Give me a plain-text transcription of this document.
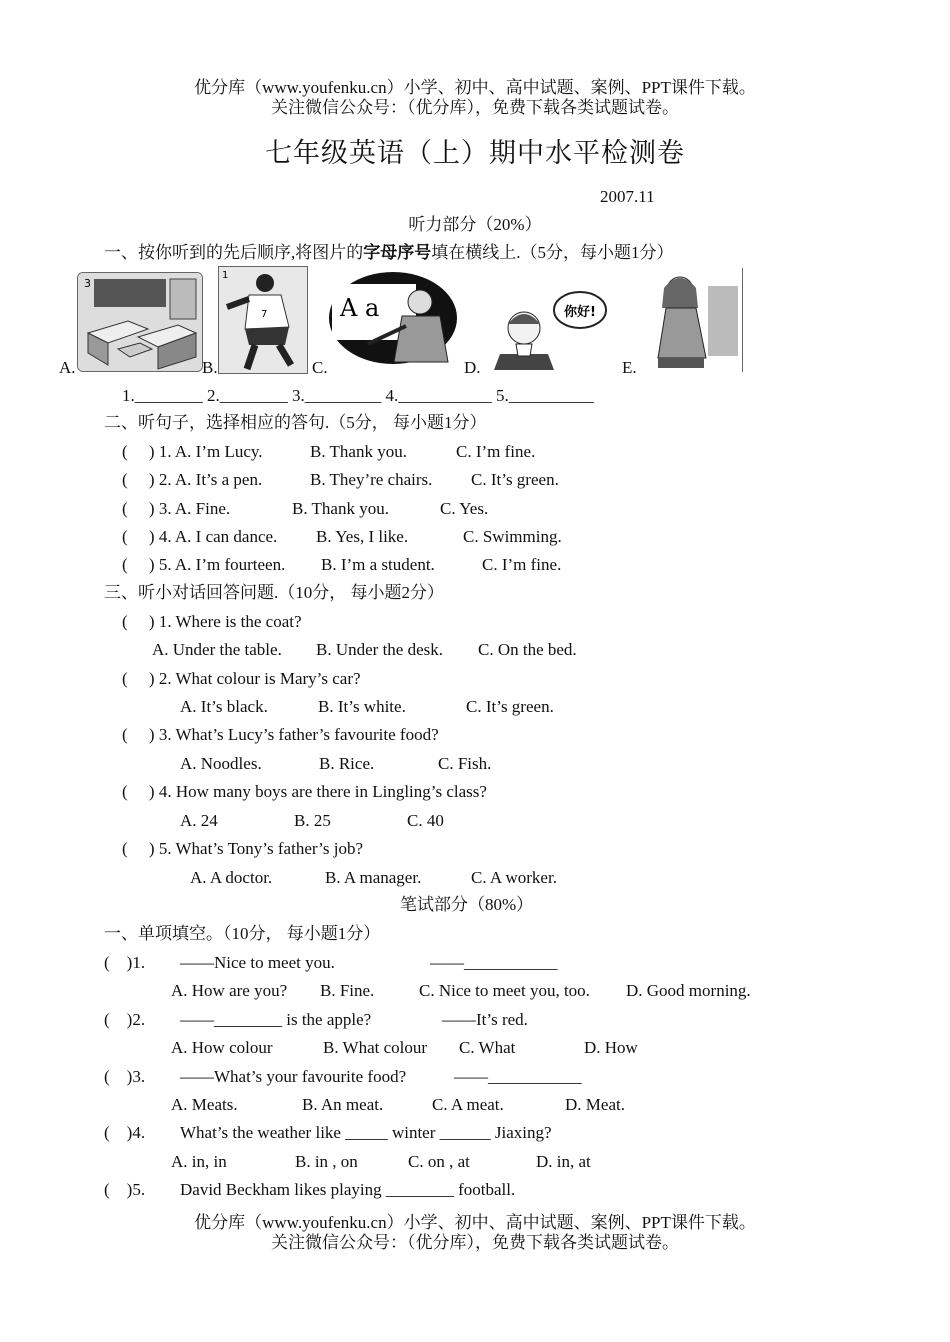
优分库（www.youfenku.cn）小学、初中、高中试题、案例、PPT课件下载。
关注微信公众号：（优分库），免费下载各类试题试卷。
七年级英语（上）期中水平检测卷
2007.11
听力部分（20%）
一、按你听到的先后顺序,将图片的字母序号填在横线上.（5分，每小题1分）
3
1
7	A a	你好!
A.	B.	C.	D.	E.
1.________ 2.________ 3._________ 4.___________ 5.__________
二、听句子，选择相应的答句.（5分， 每小题1分）
(     ) 1. A. I’m Lucy.	B. Thank you.	C. I’m fine.
(     ) 2. A. It’s a pen.	B. They’re chairs. C. It’s green.
(     ) 3. A. Fine.	B. Thank you.	C. Yes.
(     ) 4. A. I can dance. B. Yes, I like.	C. Swimming.
(     ) 5. A. I’m fourteen. B. I’m a student.	C. I’m fine.
三、听小对话回答问题.（10分， 每小题2分）
(     ) 1. Where is the coat?
A. Under the table. B. Under the desk. C. On the bed.
(     ) 2. What colour is Mary’s car?
A. It’s black.	B. It’s white.	C. It’s green.
(     ) 3. What’s Lucy’s father’s favourite food?
A. Noodles.	B. Rice.	C. Fish.
(     ) 4. How many boys are there in Lingling’s class?
A. 24	B. 25	C. 40
(     ) 5. What’s Tony’s father’s job?
A. A doctor.	B. A manager.	C. A worker.
笔试部分（80%）
一、单项填空。（10分， 每小题1分）
(    )1. ——Nice to meet you.	——___________
A. How are you? B. Fine.	C. Nice to meet you, too. D. Good morning.
(    )2. ——________ is the apple?	——It’s red.
A. How colour	B. What colour C. What	D. How
(    )3. ——What’s your favourite food?	——___________
A. Meats.	B. An meat.	C. A meat.	D. Meat.
(    )4. What’s the weather like _____ winter ______ Jiaxing?
A. in, in	B. in , on	C. on , at	D. in, at
(    )5. David Beckham likes playing ________ football.
优分库（www.youfenku.cn）小学、初中、高中试题、案例、PPT课件下载。
关注微信公众号：（优分库），免费下载各类试题试卷。
